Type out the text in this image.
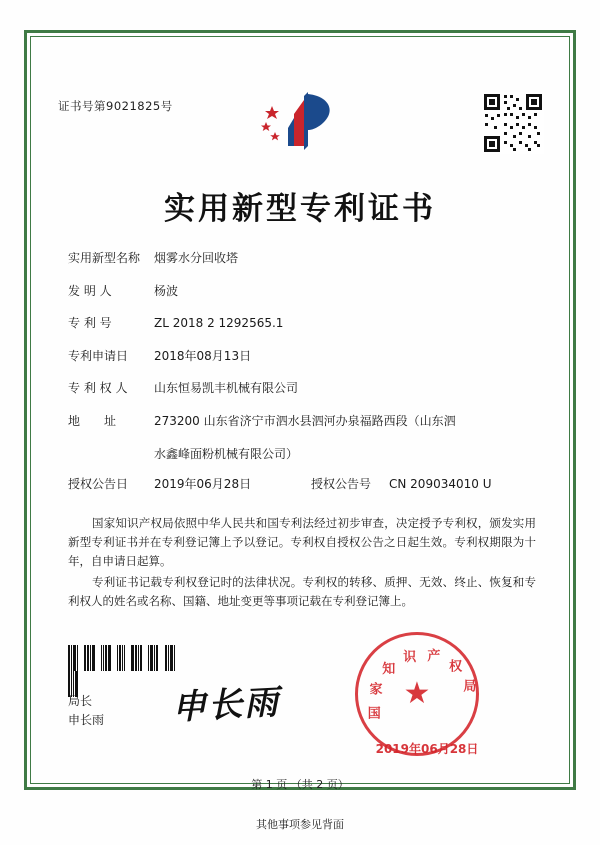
证书号第9021825号
实用新型专利证书
实用新型名称	烟雾水分回收塔
发 明 人	杨波
专 利 号	ZL 2018 2 1292565.1
专利申请日	2018年08月13日
专 利 权 人	山东恒易凯丰机械有限公司
地　　址	273200 山东省济宁市泗水县泗河办泉福路西段（山东泗
水鑫峰面粉机械有限公司）
授权公告日	2019年06月28日	授权公告号	CN 209034010 U
国家知识产权局依照中华人民共和国专利法经过初步审查，决定授予专利权，颁发实用新型专利证书并在专利登记簿上予以登记。专利权自授权公告之日起生效。专利权期限为十年，自申请日起算。
专利证书记载专利权登记时的法律状况。专利权的转移、质押、无效、终止、恢复和专利权人的姓名或名称、国籍、地址变更等事项记载在专利登记簿上。

局长
申长雨 申长雨	★
国
家
知
识 产
权
局
2019年06月28日
第 1 页 （共 2 页）
其他事项参见背面
